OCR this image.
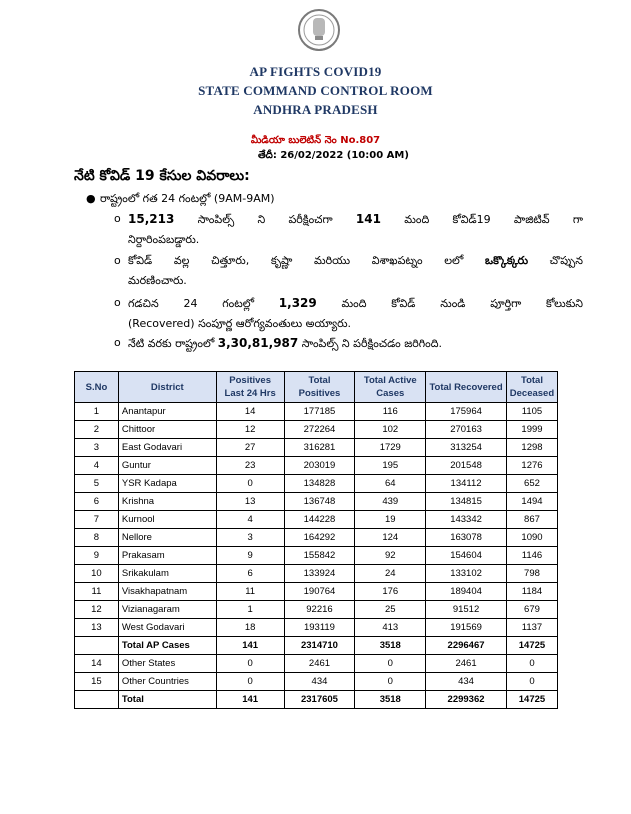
AP FIGHTS COVID19
STATE COMMAND CONTROL ROOM
ANDHRA PRADESH
మీడియా బులెటిన్ నెం No.807
తేదీ: 26/02/2022 (10:00 AM)
నేటి కోవిడ్ 19 కేసుల వివరాలు:
● రాష్ట్రంలో గత 24 గంటల్లో (9AM-9AM)
o 15,213 సాంపిల్స్ ని పరీక్షించగా 141 మంది కోవిడ్19 పాజిటివ్ గా
నిర్దారింపబడ్డారు.
o కోవిడ్ వల్ల చిత్తూరు, కృష్ణా మరియు విశాఖపట్నం లలో ఒక్కొక్కరు చొప్పున
మరణించారు.
o గడచిన 24 గంటల్లో 1,329 మంది కోవిడ్ నుండి పూర్తిగా కోలుకుని
(Recovered) సంపూర్ణ ఆరోగ్యవంతులు అయ్యారు.
o నేటి వరకు రాష్ట్రంలో 3,30,81,987 సాంపిల్స్ ని పరీక్షించడం జరిగింది.
S.No	District	Positives Last 24 Hrs	Total Positives	Total Active Cases	Total Recovered	Total Deceased
1	Anantapur	14	177185	116	175964	1105
2	Chittoor	12	272264	102	270163	1999
3	East Godavari	27	316281	1729	313254	1298
4	Guntur	23	203019	195	201548	1276
5	YSR Kadapa	0	134828	64	134112	652
6	Krishna	13	136748	439	134815	1494
7	Kurnool	4	144228	19	143342	867
8	Nellore	3	164292	124	163078	1090
9	Prakasam	9	155842	92	154604	1146
10	Srikakulam	6	133924	24	133102	798
11	Visakhapatnam	11	190764	176	189404	1184
12	Vizianagaram	1	92216	25	91512	679
13	West Godavari	18	193119	413	191569	1137
	Total AP Cases	141	2314710	3518	2296467	14725
14	Other States	0	2461	0	2461	0
15	Other Countries	0	434	0	434	0
	Total	141	2317605	3518	2299362	14725
